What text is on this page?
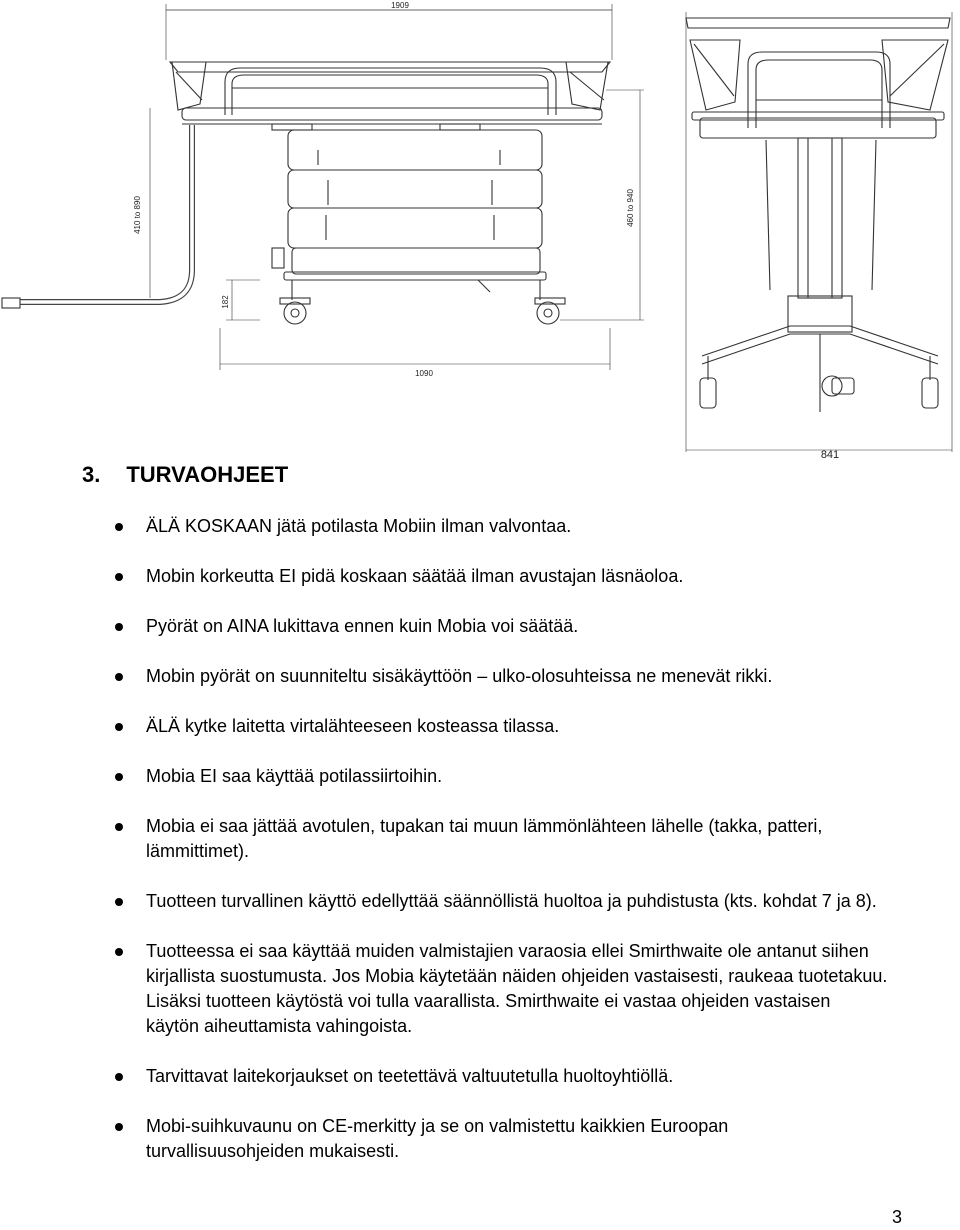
1909
410 to 890	460 to 940
182
1090
841
3. TURVAOHJEET
ÄLÄ KOSKAAN jätä potilasta Mobiin ilman valvontaa.
Mobin korkeutta EI pidä koskaan säätää ilman avustajan läsnäoloa.
Pyörät on AINA lukittava ennen kuin Mobia voi säätää.
Mobin pyörät on suunniteltu sisäkäyttöön – ulko-olosuhteissa ne menevät rikki.
ÄLÄ kytke laitetta virtalähteeseen kosteassa tilassa.
Mobia EI saa käyttää potilassiirtoihin.
Mobia ei saa jättää avotulen, tupakan tai muun lämmönlähteen lähelle (takka, patteri, lämmittimet).
Tuotteen turvallinen käyttö edellyttää säännöllistä huoltoa ja puhdistusta (kts. kohdat 7 ja 8).
Tuotteessa ei saa käyttää muiden valmistajien varaosia ellei Smirthwaite ole antanut siihen kirjallista suostumusta. Jos Mobia käytetään näiden ohjeiden vastaisesti, raukeaa tuotetakuu. Lisäksi tuotteen käytöstä voi tulla vaarallista. Smirthwaite ei vastaa ohjeiden vastaisen käytön aiheuttamista vahingoista.
Tarvittavat laitekorjaukset on teetettävä valtuutetulla huoltoyhtiöllä.
Mobi-suihkuvaunu on CE-merkitty ja se on valmistettu kaikkien Euroopan turvallisuusohjeiden mukaisesti.
3
